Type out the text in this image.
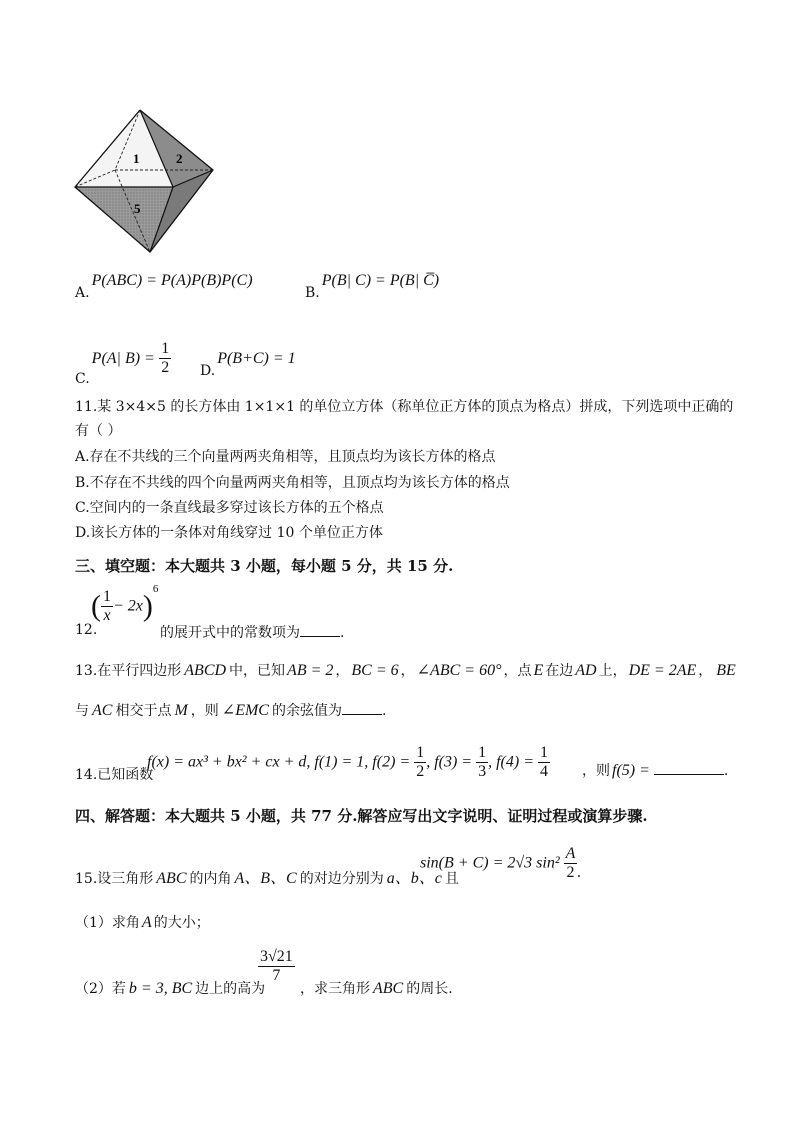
1	2
5
A.P(ABC) = P(A)P(B)P(C)
B.P(B| C) = P(B| C̅)
C.P(A| $B) = \frac{1}{2} D.P(B+C) = 1$
11.某 3×4×5 的长方体由 1×1×1 的单位立方体（称单位正方体的顶点为格点）拼成，下列选项中正确的
有（ ）
A.存在不共线的三个向量两两夹角相等，且顶点均为该长方体的格点
B.不存在不共线的四个向量两两夹角相等，且顶点均为该长方体的格点
C.空间内的一条直线最多穿过该长方体的五个格点
D.该长方体的一条体对角线穿过 10 个单位正方体
三、填空题：本大题共 3 小题，每小题 5 分，共 15 分.
12.
( $\frac{1}{x} - 2x)^6$
的展开式中的常数项为	.
13.在平行四边形 ABCD 中，已知 AB = 2 ， BC = 6 ， ∠ABC = 60° ，点 E 在边 AD 上， DE = 2AE ， BE
与 AC 相交于点 M ，则 ∠EMC 的余弦值为	.
14.已知函数
f(x) = ax³ + bx² + cx + d, f(1) = 1, $f(2) = \frac{1}{2}$ , $f(3) = \frac{1}{3}$ , $f(4) = \frac{1}{4}$ ，则 f(5) =	.
四、解答题：本大题共 5 小题，共 77 分.解答应写出文字说明、证明过程或演算步骤.
15.设三角形 ABC 的内角 A、B、C 的对边分别为 a、b、c 且
sin(B + C) = 2√3 $\sin^2 \frac{A}{2}$ .
（1）求角 A 的大小；
（2）若 b = 3, BC 边上的高为
$\frac{3√21}{7}$
，求三角形 ABC 的周长.
